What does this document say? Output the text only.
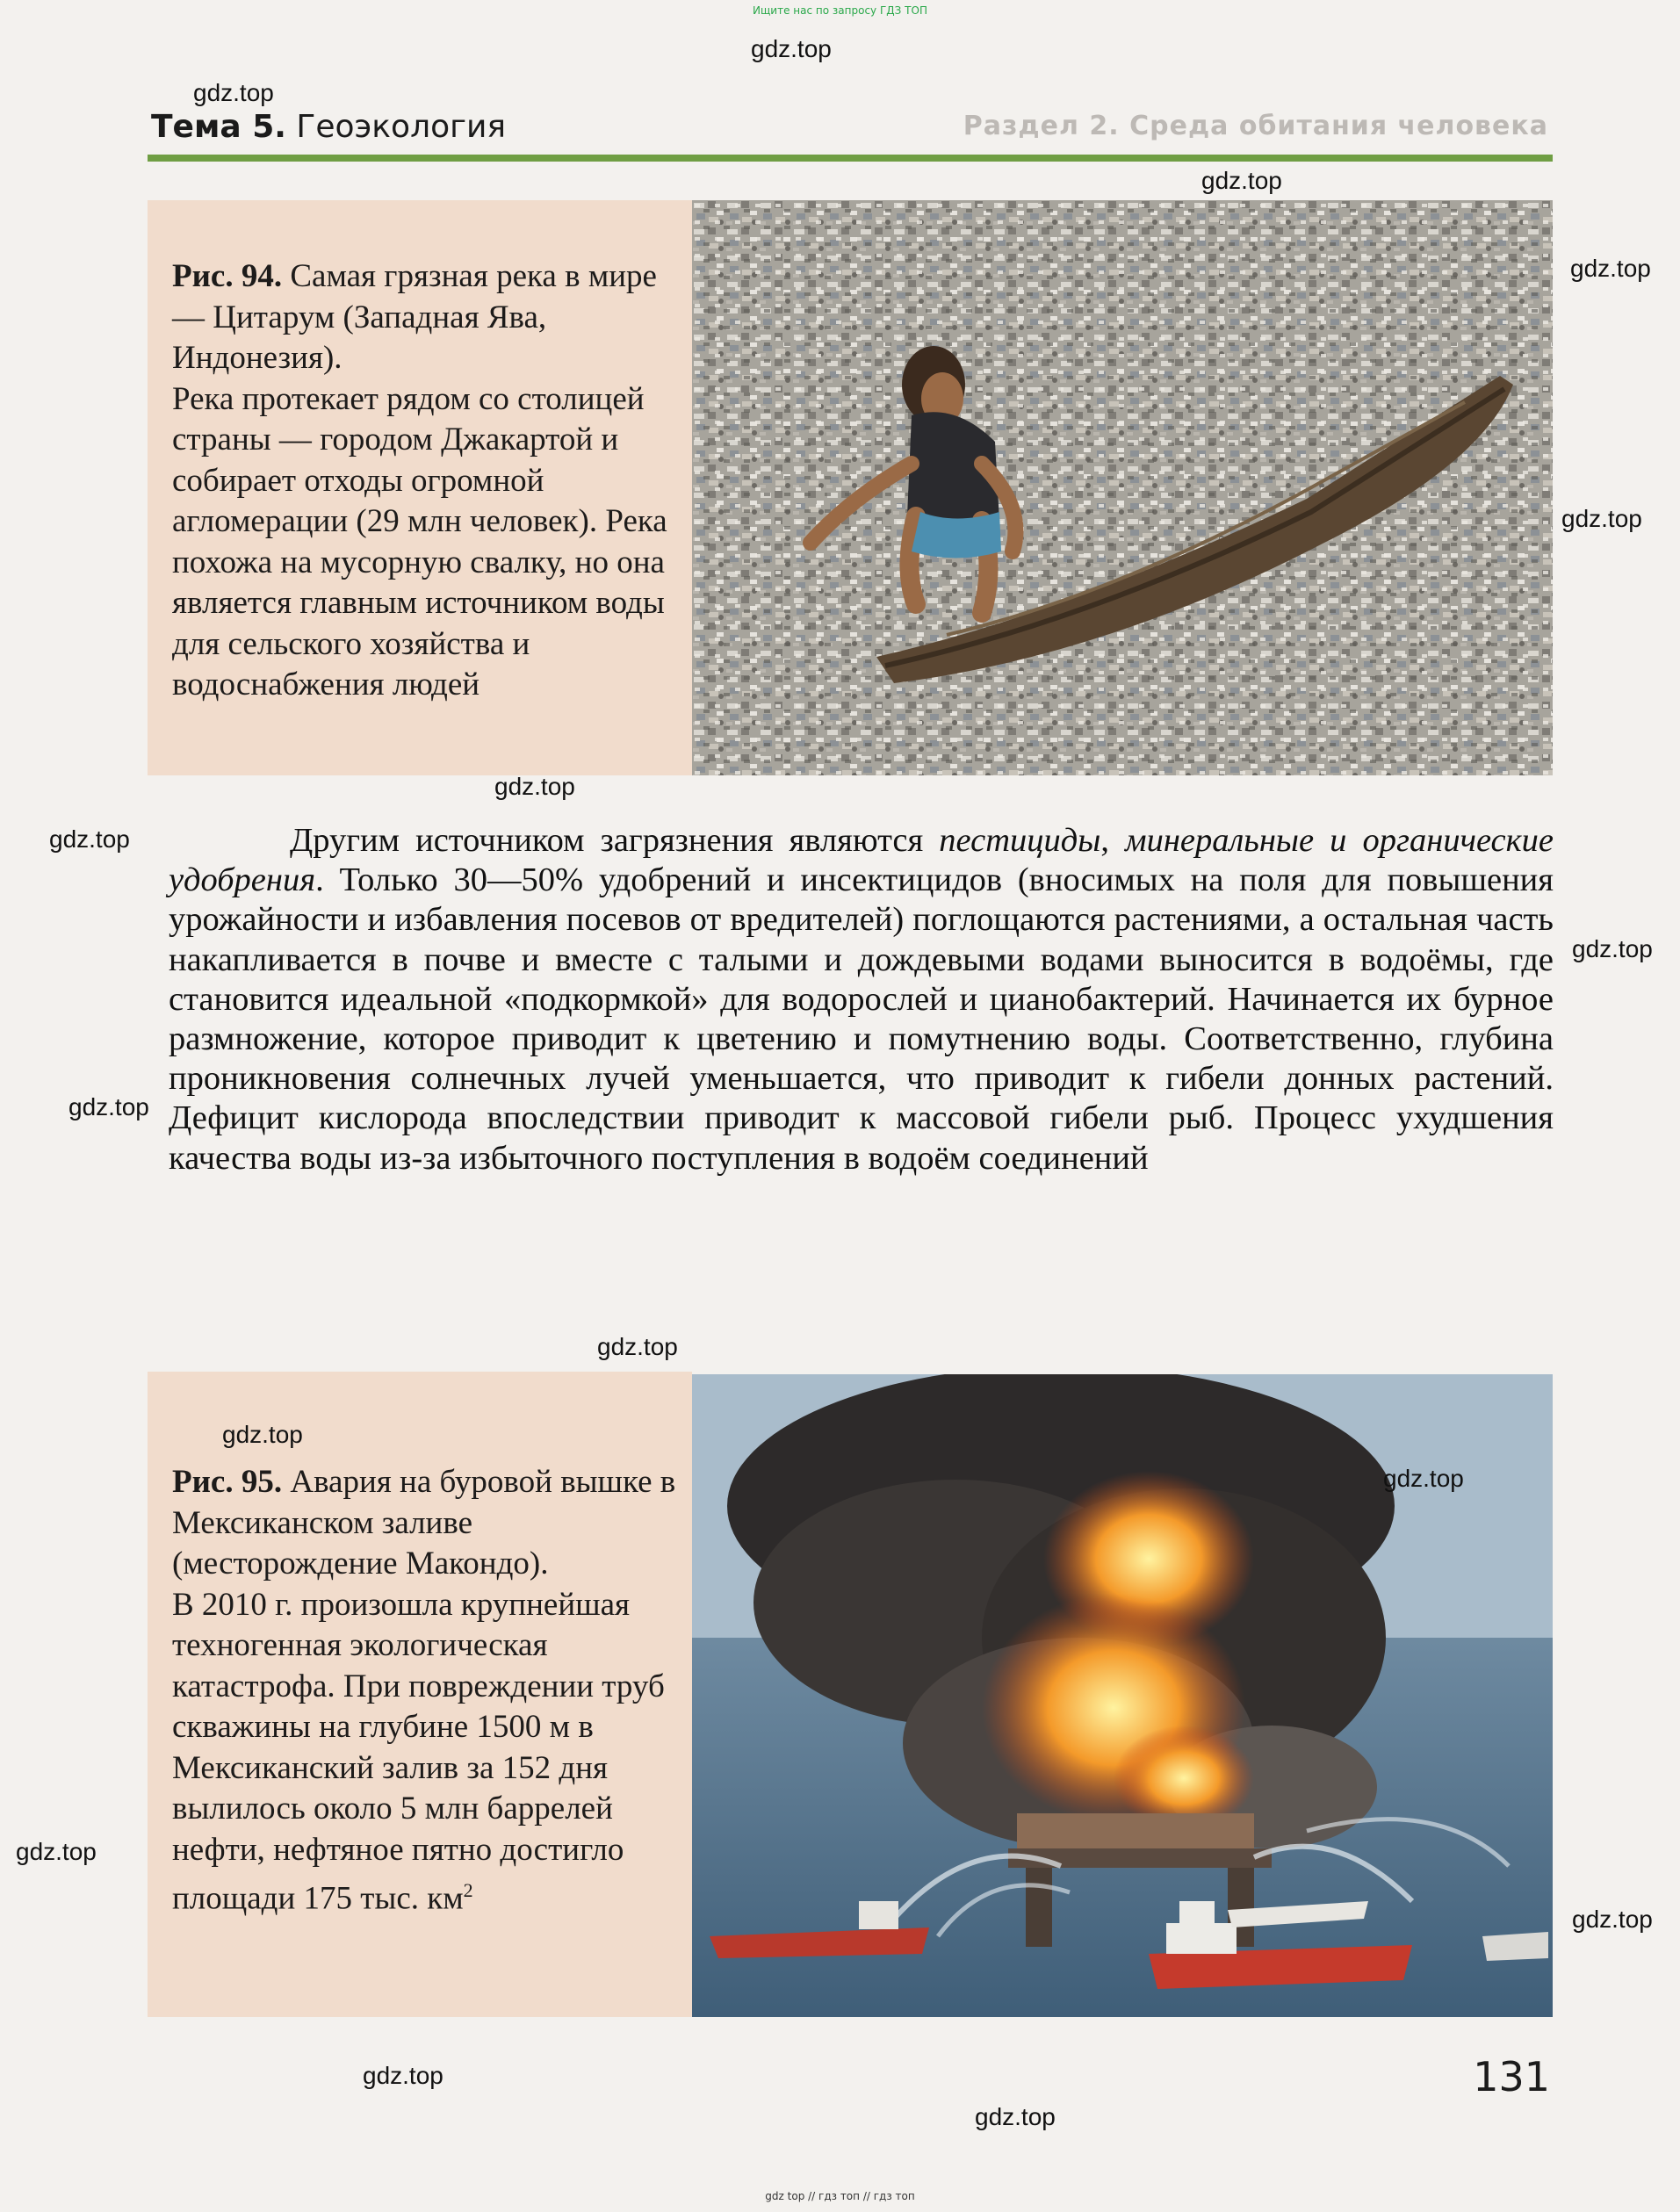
Ищите нас по запросу ГДЗ ТОП
Тема 5. Геоэкология	Раздел 2. Среда обитания человека
Рис. 94. Самая грязная река в мире — Цитарум (Западная Ява, Индонезия).
Река протекает рядом со столицей страны — городом Джакартой и собирает отходы огромной агломерации (29 млн человек). Река похожа на мусорную свалку, но она является главным источником воды для сельского хозяйства и водоснабжения людей
Другим источником загрязнения являются пестициды, минеральные и органические удобрения. Только 30—50% удобрений и инсектицидов (вносимых на поля для повышения урожайности и избавления посевов от вредителей) поглощаются растениями, а остальная часть накапливается в почве и вместе с талыми и дождевыми водами выносится в водоёмы, где становится идеальной «подкормкой» для водорослей и цианобактерий. Начинается их бурное размножение, которое приводит к цветению и помутнению воды. Соответственно, глубина проникновения солнечных лучей уменьшается, что приводит к гибели донных растений. Дефицит кислорода впоследствии приводит к массовой гибели рыб. Процесс ухудшения качества воды из-за избыточного поступления в водоём соединений
Рис. 95. Авария на буровой вышке в Мексиканском заливе (месторождение Макондо).
В 2010 г. произошла крупнейшая техногенная экологическая катастрофа. При повреждении труб скважины на глубине 1500 м в Мексиканский залив за 152 дня вылилось около 5 млн баррелей нефти, нефтяное пятно достигло площади 175 тыс. $км^2$
131
gdz.top
gdz.top
gdz.top
gdz.top
gdz.top
gdz.top
gdz.top
gdz.top
gdz.top
gdz.top
gdz.top
gdz.top
gdz.top
gdz.top
gdz.top
gdz.top
gdz top // гдз топ // гдз топ
